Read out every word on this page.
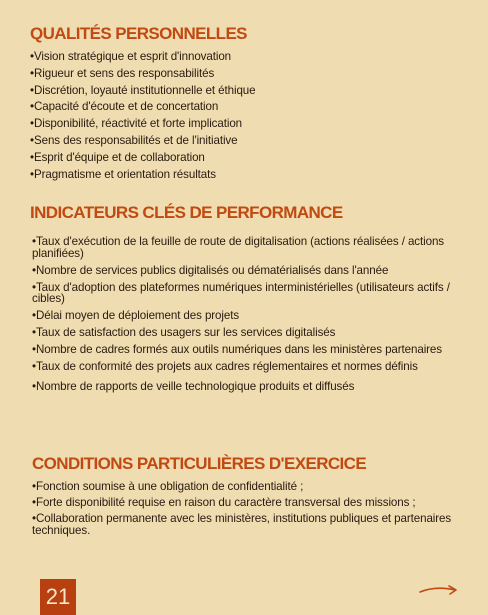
QUALITÉS PERSONNELLES
•Vision stratégique et esprit d'innovation
•Rigueur et sens des responsabilités
•Discrétion, loyauté institutionnelle et éthique
•Capacité d'écoute et de concertation
•Disponibilité, réactivité et forte implication
•Sens des responsabilités et de l'initiative
•Esprit d'équipe et de collaboration
•Pragmatisme et orientation résultats
INDICATEURS CLÉS DE PERFORMANCE
•Taux d'exécution de la feuille de route de digitalisation (actions réalisées / actions planifiées)
•Nombre de services publics digitalisés ou dématérialisés dans l'année
•Taux d'adoption des plateformes numériques interministérielles (utilisateurs actifs / cibles)
•Délai moyen de déploiement des projets
•Taux de satisfaction des usagers sur les services digitalisés
•Nombre de cadres formés aux outils numériques dans les ministères partenaires
•Taux de conformité des projets aux cadres réglementaires et normes définis
•Nombre de rapports de veille technologique produits et diffusés
CONDITIONS PARTICULIÈRES D'EXERCICE
•Fonction soumise à une obligation de confidentialité ;
•Forte disponibilité requise en raison du caractère transversal des missions ;
•Collaboration permanente avec les ministères, institutions publiques et partenaires techniques.
21
